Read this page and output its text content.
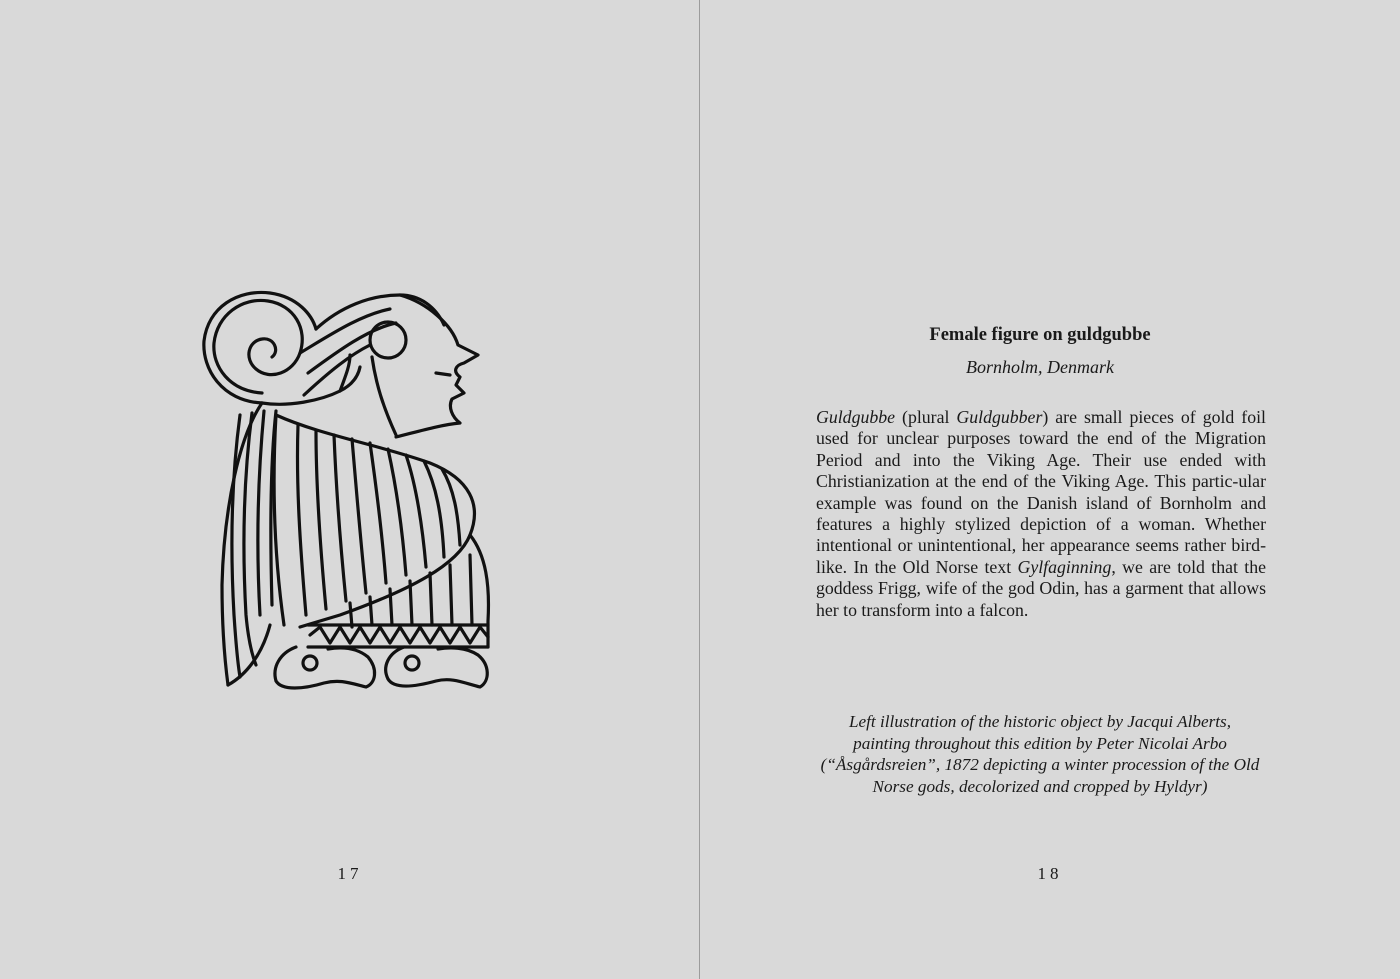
17
Female figure on guldgubbe
Bornholm, Denmark
Guldgubbe (plural Guldgubber) are small pieces of gold foil used for unclear purposes toward the end of the Migration Period and into the Viking Age. Their use ended with Christianization at the end of the Viking Age. This partic-ular example was found on the Danish island of Bornholm and features a highly stylized depiction of a woman. Whether intentional or unintentional, her appearance seems rather bird-like. In the Old Norse text Gylfaginning, we are told that the goddess Frigg, wife of the god Odin, has a garment that allows her to transform into a falcon.
Left illustration of the historic object by Jacqui Alberts, painting throughout this edition by Peter Nicolai Arbo (“Åsgårdsreien”, 1872 depicting a winter procession of the Old Norse gods, decolorized and cropped by Hyldyr)
18
